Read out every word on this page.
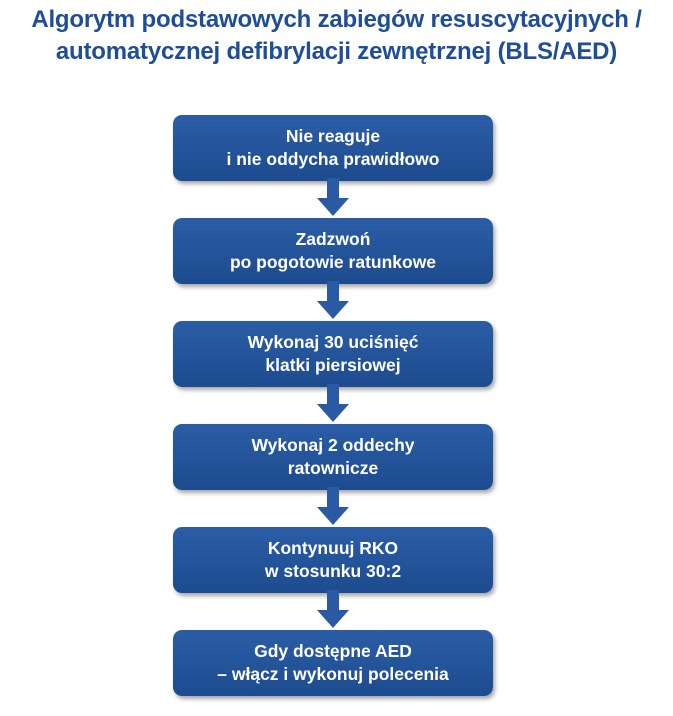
Algorytm podstawowych zabiegów resuscytacyjnych /
automatycznej defibrylacji zewnętrznej (BLS/AED)
Nie reaguje
i nie oddycha prawidłowo
Zadzwoń
po pogotowie ratunkowe
Wykonaj 30 uciśnięć
klatki piersiowej
Wykonaj 2 oddechy
ratownicze
Kontynuuj RKO
w stosunku 30:2
Gdy dostępne AED
– włącz i wykonuj polecenia
